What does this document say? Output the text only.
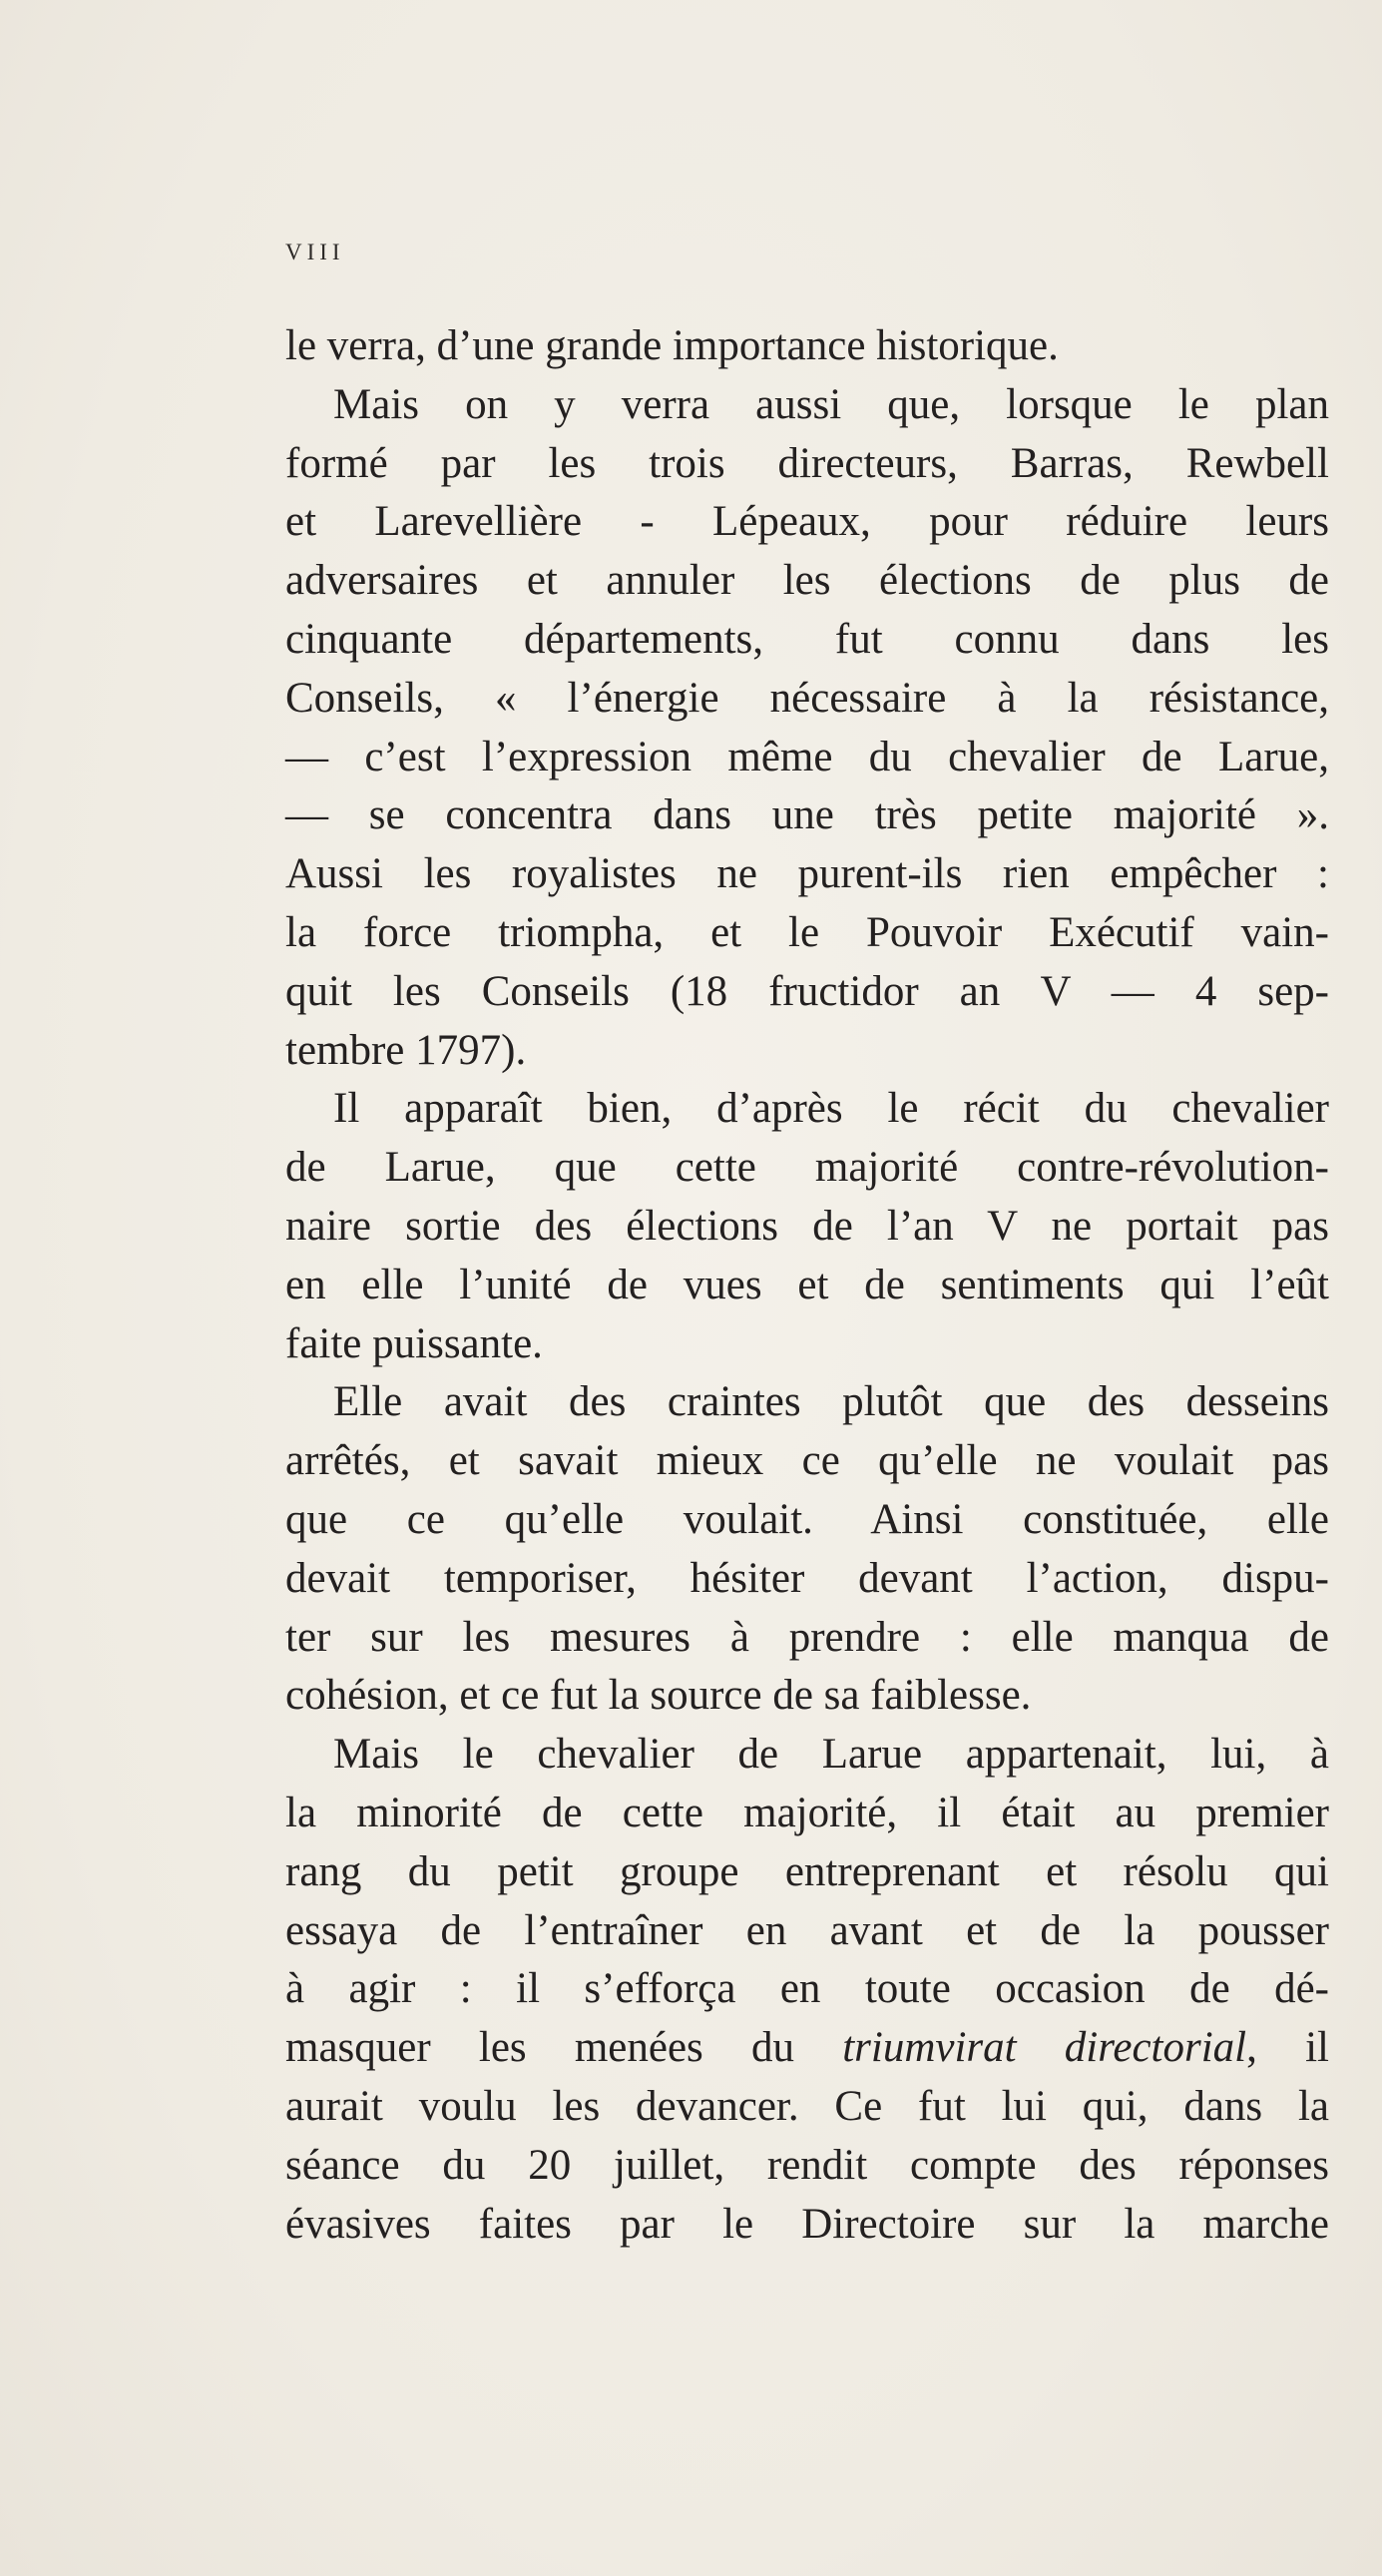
VIII
le verra, d’une grande importance historique.
Mais on y verra aussi que, lorsque le plan
formé par les trois directeurs, Barras, Rewbell
et Larevellière - Lépeaux, pour réduire leurs
adversaires et annuler les élections de plus de
cinquante départements, fut connu dans les
Conseils, « l’énergie nécessaire à la résistance,
— c’est l’expression même du chevalier de Larue,
— se concentra dans une très petite majorité ».
Aussi les royalistes ne purent-ils rien empêcher :
la force triompha, et le Pouvoir Exécutif vain-
quit les Conseils (18 fructidor an V — 4 sep-
tembre 1797).
Il apparaît bien, d’après le récit du chevalier
de Larue, que cette majorité contre-révolution-
naire sortie des élections de l’an V ne portait pas
en elle l’unité de vues et de sentiments qui l’eût
faite puissante.
Elle avait des craintes plutôt que des desseins
arrêtés, et savait mieux ce qu’elle ne voulait pas
que ce qu’elle voulait. Ainsi constituée, elle
devait temporiser, hésiter devant l’action, dispu-
ter sur les mesures à prendre : elle manqua de
cohésion, et ce fut la source de sa faiblesse.
Mais le chevalier de Larue appartenait, lui, à
la minorité de cette majorité, il était au premier
rang du petit groupe entreprenant et résolu qui
essaya de l’entraîner en avant et de la pousser
à agir : il s’efforça en toute occasion de dé-
masquer les menées du triumvirat directorial, il
aurait voulu les devancer. Ce fut lui qui, dans la
séance du 20 juillet, rendit compte des réponses
évasives faites par le Directoire sur la marche
